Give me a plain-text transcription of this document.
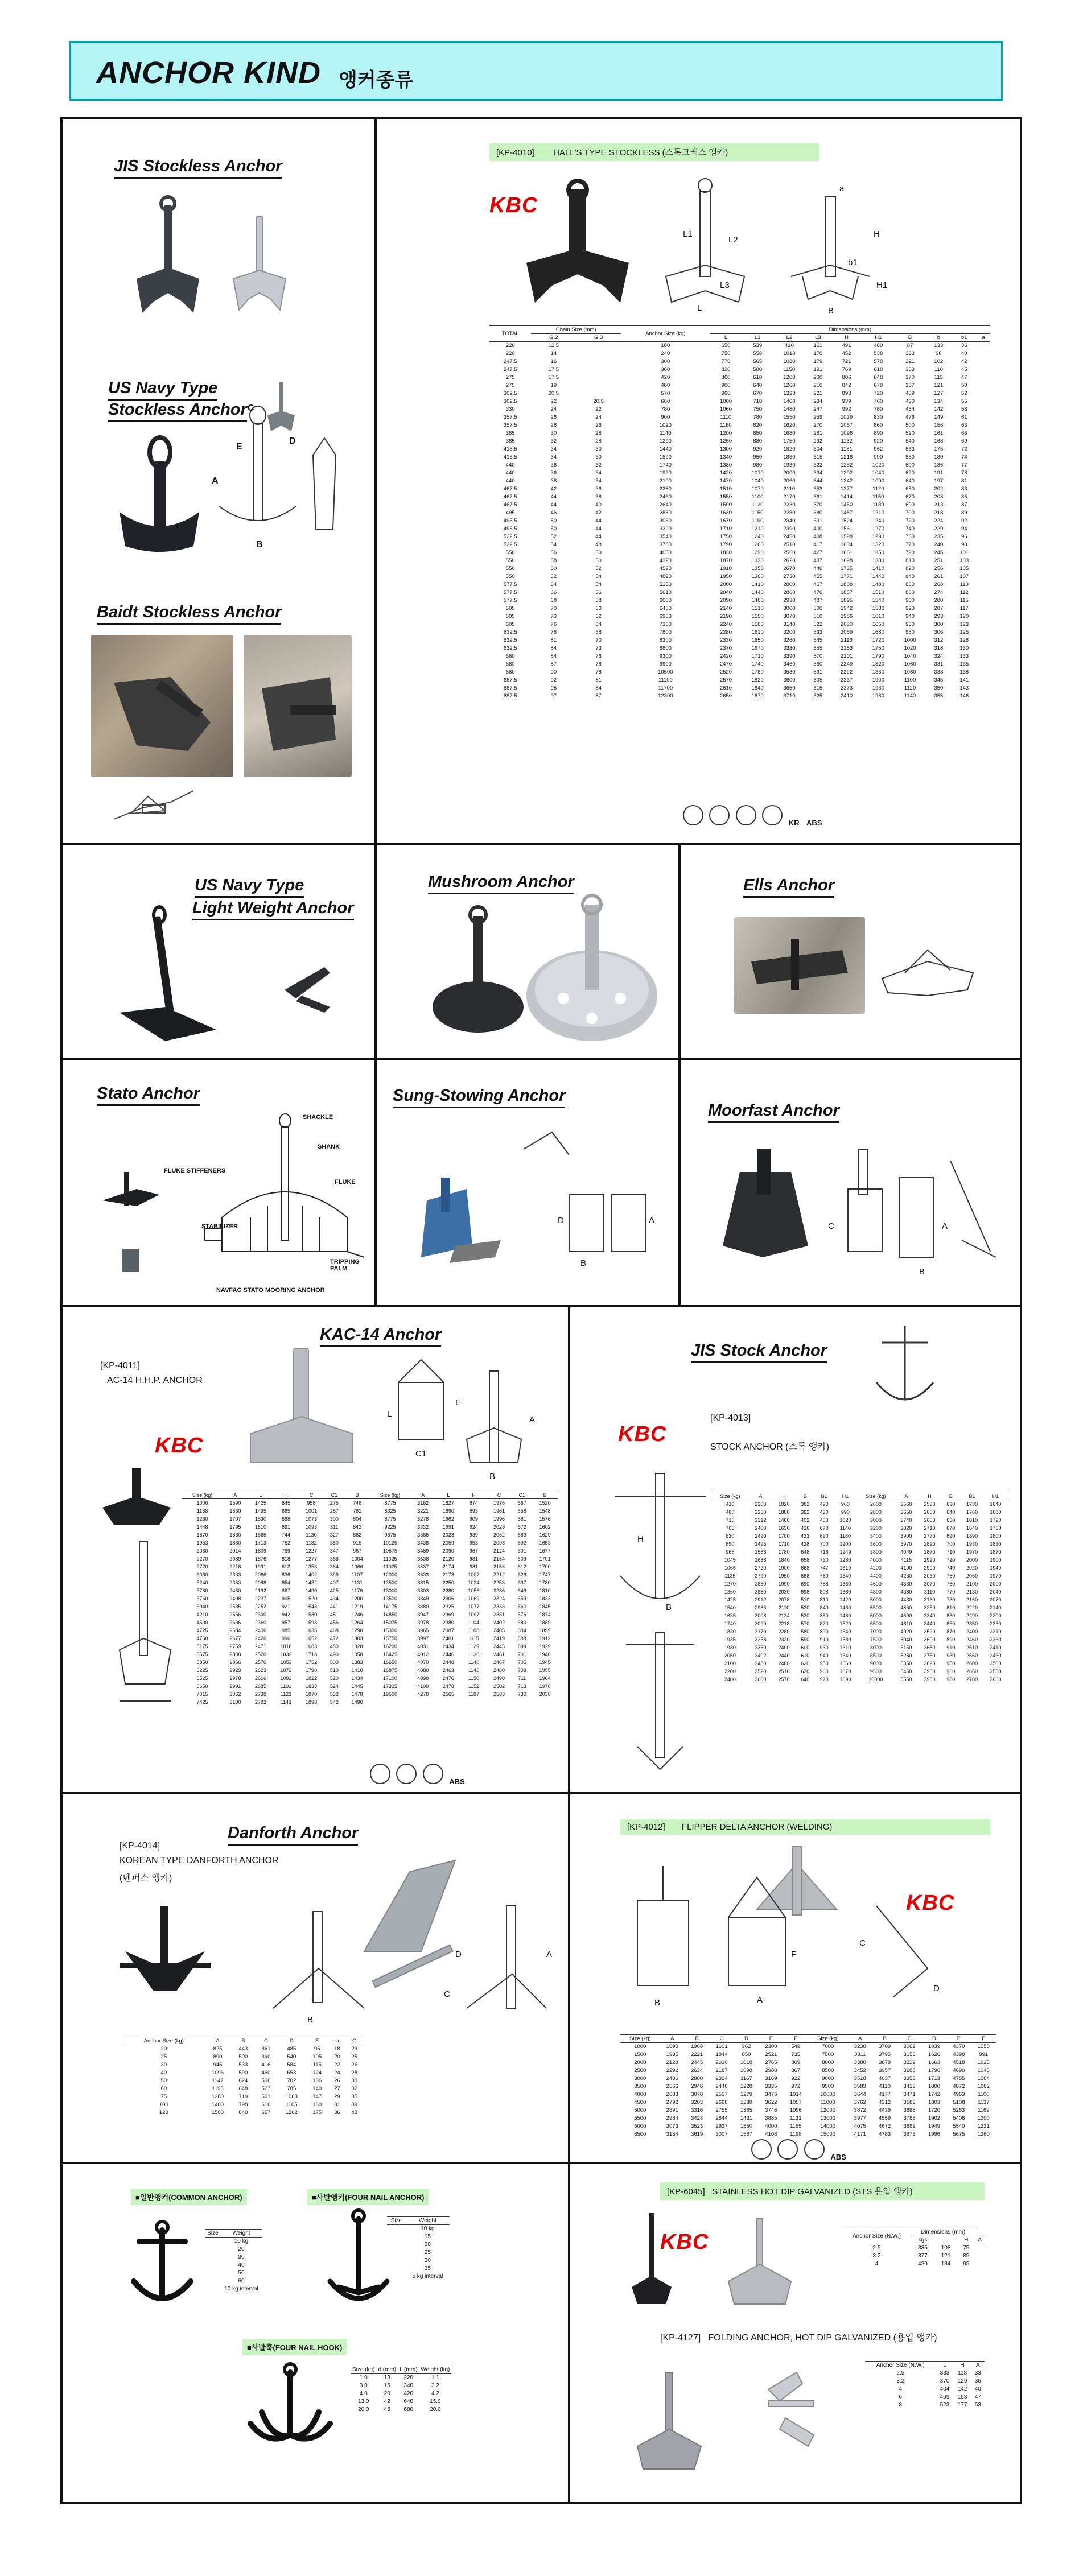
ANCHOR KIND 앵커종류
JIS Stockless Anchor
US Navy Type
Stockless Anchor C
E
D
B
A
Baidt Stockless Anchor
[KP-4010] HALL'S TYPE STOCKLESS (스톡크레스 앵카)
KBC
L1
L
L2
L3
H
H1
B
b1
a
TOTAL	Chain Size (mm)		Anchor Size (kg)	Dimensions (mm)									
	G.2	G.3		L	L1	L2	L3	H	H1	B	b	b1	a
220	12.5		180	650	539	410	161	491	480	87	133	36	
220	14		240	750	558	1018	170	452	538	333	96	40	
247.5	16		300	770	565	1080	179	721	578	321	102	42	
247.5	17.5		360	820	580	1150	191	769	618	353	110	45	
275	17.5		420	860	610	1200	200	806	648	370	115	47	
275	19		480	900	640	1260	210	842	678	387	121	50	
302.5	20.5		570	960	670	1333	221	893	720	409	127	52	
302.5	22	20.5	660	1000	710	1400	234	939	760	430	134	55	
330	24	22	780	1060	750	1480	247	992	780	454	142	58	
357.5	26	24	900	1110	780	1550	259	1039	830	476	149	61	
357.5	28	26	1020	1160	820	1620	270	1067	860	500	156	63	
385	30	28	1140	1200	850	1680	281	1096	890	520	161	66	
385	32	28	1290	1250	880	1750	292	1132	920	540	168	69	
415.5	34	30	1440	1300	920	1820	304	1181	962	563	175	72	
415.5	34	30	1590	1340	950	1880	315	1218	990	580	180	74	
440	36	32	1740	1380	980	1930	322	1252	1020	600	186	77	
440	36	34	1920	1420	1010	2000	334	1292	1040	620	191	78	
440	38	34	2100	1470	1040	2060	344	1342	1090	640	197	81	
467.5	42	36	2280	1510	1070	2110	353	1377	1120	650	202	83	
467.5	44	38	2460	1550	1100	2170	361	1414	1150	670	208	86	
467.5	44	40	2640	1590	1120	2230	370	1450	1180	690	213	87	
495	46	42	2850	1630	1150	2280	380	1487	1210	700	218	89	
495.5	50	44	3060	1670	1190	2340	391	1524	1240	720	224	92	
495.5	50	44	3300	1710	1210	2390	400	1561	1270	740	229	94	
522.5	52	44	3540	1750	1240	2450	408	1598	1290	750	235	96	
522.5	54	48	3780	1790	1260	2510	417	1634	1320	770	240	98	
550	56	50	4050	1830	1290	2560	427	1661	1350	790	245	101	
550	58	50	4320	1870	1320	2620	437	1698	1380	810	251	103	
550	60	52	4590	1910	1350	2670	446	1735	1410	820	256	105	
550	62	54	4890	1950	1380	2730	455	1771	1440	840	261	107	
577.5	64	54	5250	2000	1410	2800	467	1808	1480	860	268	110	
577.5	66	56	5610	2040	1440	2860	476	1857	1510	880	274	112	
577.5	68	58	6000	2090	1480	2930	487	1895	1540	900	280	115	
605	70	60	6450	2140	1510	3000	500	1942	1580	920	287	117	
605	73	62	6900	2190	1550	3070	510	1986	1610	940	293	120	
605	76	64	7350	2240	1580	3140	522	2030	1650	960	300	123	
632.5	78	68	7800	2280	1610	3200	533	2069	1680	980	306	125	
632.5	81	70	8300	2330	1650	3260	545	2116	1720	1000	312	128	
632.5	84	73	8800	2370	1670	3330	555	2153	1750	1020	318	130	
660	84	76	9300	2420	1710	3390	570	2201	1790	1040	324	133	
660	87	78	9900	2470	1740	3460	580	2249	1820	1060	331	135	
660	90	78	10500	2520	1780	3530	591	2292	1860	1080	338	138	
687.5	92	81	11100	2570	1820	3600	605	2337	1900	1100	345	141	
687.5	95	84	11700	2610	1840	3650	615	2373	1930	1120	350	143	
687.5	97	87	12300	2650	1870	3710	625	2410	1960	1140	355	146	
KR ABS
US Navy Type
Light Weight Anchor
Mushroom Anchor	Ells Anchor
Stato Anchor
SHACKLE
SHANK
FLUKE STIFFENERS
FLUKE
STABILIZER
TRIPPING PALM
NAVFAC STATO MOORING ANCHOR
Sung-Stowing Anchor
D
B
A
Moorfast Anchor
C	A
B
KAC-14 Anchor
[KP-4011]
AC-14 H.H.P. ANCHOR
KBC
L
C1
E
A
B
Size (kg)	A	L	H	C	C1	B	Size (kg)	A	L	H	C	C1	B
1000	1590	1425	645	958	275	746	8775	3162	1827	874	1976	567	1520
1168	1660	1495	665	1001	287	781	8325	3221	1890	893	1961	558	1548
1260	1707	1530	688	1073	300	804	8775	3278	1962	909	1996	581	1576
1448	1795	1610	691	1093	311	842	9225	3332	1991	924	2028	572	1602
1670	1860	1665	744	1130	327	882	9675	3386	2028	939	2062	583	1629
1953	1880	1713	752	1182	350	915	10125	3438	2059	953	2093	592	1653
2060	2014	1809	789	1227	347	967	10575	3489	2090	967	2124	601	1677
2270	2089	1876	818	1277	368	1004	11025	3538	2120	981	2154	609	1701
2720	2218	1991	613	1353	384	1066	11025	3537	2174	981	2156	612	1700
3060	2333	2066	836	1402	399	1107	12000	3633	2178	1007	2212	626	1747
3240	2353	2098	854	1432	407	1131	13500	3815	2250	1024	2253	637	1780
3780	2450	2192	897	1490	425	1176	13000	3803	2280	1056	2286	648	1810
3760	2498	2237	905	1520	434	1200	13500	3849	2306	1069	2324	659	1833
3940	2535	2252	921	1548	441	1219	14175	3880	2325	1077	2333	660	1845
4210	2556	2300	942	1580	451	1246	14850	3947	2369	1097	2381	676	1874
4500	2636	2360	957	1598	456	1264	15075	3978	2380	1104	2402	680	1889
4725	2684	2406	985	1635	468	1290	15300	3965	2387	1108	2405	684	1899
4760	2677	2426	996	1652	472	1303	15750	3997	2401	1115	2419	688	1912
5175	2759	2471	1018	1683	480	1328	16200	4031	2434	1129	2445	699	1929
5575	2808	2520	1032	1718	490	1358	16425	4012	2446	1136	2461	701	1940
5850	2866	2570	1053	1752	500	1383	16650	4070	2448	1140	2467	705	1945
6225	2923	2623	1073	1790	510	1410	16875	4080	2463	1146	2480	709	1955
6525	2978	2666	1092	1822	520	1434	17100	4098	2476	1150	2490	711	1964
6650	2991	2685	1101	1833	524	1445	17325	4109	2478	1152	2502	713	1970
7015	3062	2738	1123	1870	532	1478	19500	4278	2565	1187	2583	730	2030
7425	3100	2782	1143	1898	542	1490							
ABS
JIS Stock Anchor
[KP-4013]
STOCK ANCHOR (스톡 앵카)
KBC
H
B
Size (kg)	A	H	B	B1	H1	Size (kg)	A	H	B	B1	H1
410	2200	1820	382	420	960	2600	3560	2530	630	1730	1640
460	2250	1880	392	430	990	2800	3650	2600	640	1760	1680
715	2312	1460	402	450	1020	3000	3740	2650	660	1810	1720
765	2400	1630	416	670	1140	3200	3820	2710	670	1840	1760
830	2490	1700	423	690	1180	3400	3900	2770	690	1890	1800
890	2495	1710	428	700	1200	3600	3970	2820	700	1930	1830
965	2568	1780	648	718	1249	3800	4049	2870	710	1970	1870
1045	2638	1840	658	730	1280	4000	4118	2920	720	2000	1900
1065	2720	1900	668	747	1310	4200	4190	2990	740	2020	1940
1135	2790	1950	688	760	1340	4400	4260	3030	750	2060	1970
1270	2850	1990	690	788	1360	4600	4330	3070	760	2100	2000
1360	2880	2030	698	808	1380	4800	4380	3110	770	2130	2040
1425	2912	2078	510	810	1420	5000	4430	3160	780	2160	2070
1540	2986	2110	530	840	1460	5500	4560	3250	810	2220	2140
1635	3008	2134	530	850	1480	6000	4690	3340	830	2290	2200
1740	3090	2218	570	870	1520	6500	4810	3440	850	2350	2260
1830	3170	2280	580	890	1540	7000	4920	3520	870	2400	2310
1935	3258	2330	590	910	1580	7500	5040	3600	890	2460	2360
1980	3350	2400	600	930	1610	8000	5150	3680	910	2510	2410
2050	3402	2440	610	940	1640	8500	5250	3750	930	2560	2460
2100	3480	2480	620	950	1660	9000	5350	3820	950	2600	2500
2200	3520	2510	620	960	1670	9500	5450	3900	960	2650	2550
2400	3600	2570	640	970	1690	10000	5550	3980	980	2700	2600
Danforth Anchor
[KP-4014]
KOREAN TYPE DANFORTH ANCHOR
(덴퍼스 앵카)
B
D	A
C
Anchor Size (kg)	A	B	C	D	E	φ	G
20	825	443	361	485	95	18	23
25	890	500	390	540	105	20	25
30	945	533	416	584	115	22	26
40	1096	590	460	653	124	24	28
50	1147	624	506	702	136	26	30
60	1198	648	527	785	140	27	32
75	1280	719	561	1063	147	29	35
100	1400	798	616	1105	160	31	39
120	1500	840	657	1202	175	36	43
[KP-4012] FLIPPER DELTA ANCHOR (WELDING)
KBC
B
F
A
C
D
Size (kg)	A	B	C	D	E	F	Size (kg)	A	B	C	D	E	F
1000	1690	1968	1601	962	2300	549	7000	3230	3709	3062	1839	4370	1050
1500	1935	2221	1844	850	2521	735	7500	3311	3795	3153	1626	4398	991
2000	2128	2445	2030	1018	2765	809	8000	3380	3878	3222	1663	4518	1025
2500	2292	2634	2187	1098	2980	867	8500	3452	3957	3288	1796	4690	1046
3000	2436	2800	2324	1167	3169	922	9000	3518	4037	3353	1713	4785	1064
3500	2566	2948	2446	1228	3335	972	9500	3583	4110	3413	1800	4872	1082
4000	2683	3078	2557	1279	3476	1014	10000	3644	4177	3471	1742	4963	1100
4500	2792	3203	2668	1338	3622	1057	11000	3762	4312	3583	1803	5108	1137
5000	2891	3316	2755	1385	3746	1096	12000	3872	4439	3688	1720	5263	1169
5500	2984	3423	2844	1431	3885	1131	13000	3977	4559	3788	1902	5406	1200
6000	3073	3523	2927	1550	4000	1165	14000	4075	4672	3882	1949	5540	1231
6500	3154	3619	3007	1587	4108	1198	15000	4171	4783	3973	1996	5675	1260
ABS
■일반앵커(COMMON ANCHOR)
Size	Weight
	10 kg
	20
	30
	40
	50
	60
	10 kg interval
■사발앵커(FOUR NAIL ANCHOR)
Size	Weight
	10 kg
	15
	20
	25
	30
	35
	5 kg interval
■사발훅(FOUR NAIL HOOK)
Size (kg)	d (mm)	L (mm)	Weight (kg)
1.0	13	220	1.1
3.0	15	340	3.2
4.0	20	420	4.2
13.0	42	640	15.0
20.0	45	680	20.0
[KP-6045] STAINLESS HOT DIP GALVANIZED (STS 용입 앵카)
KBC	Anchor Size (N.W.)	Dimensions (mm)			
	kgs	L	H	A
2.5	335	108	75	
3.2	377	121	85	
4	420	134	95	
[KP-4127] FOLDING ANCHOR, HOT DIP GALVANIZED (용입 앵카)
Anchor Size (N.W.)	L	H	A
2.5	333	118	33
3.2	370	129	36
4	404	142	40
6	469	158	47
8	523	177	53
